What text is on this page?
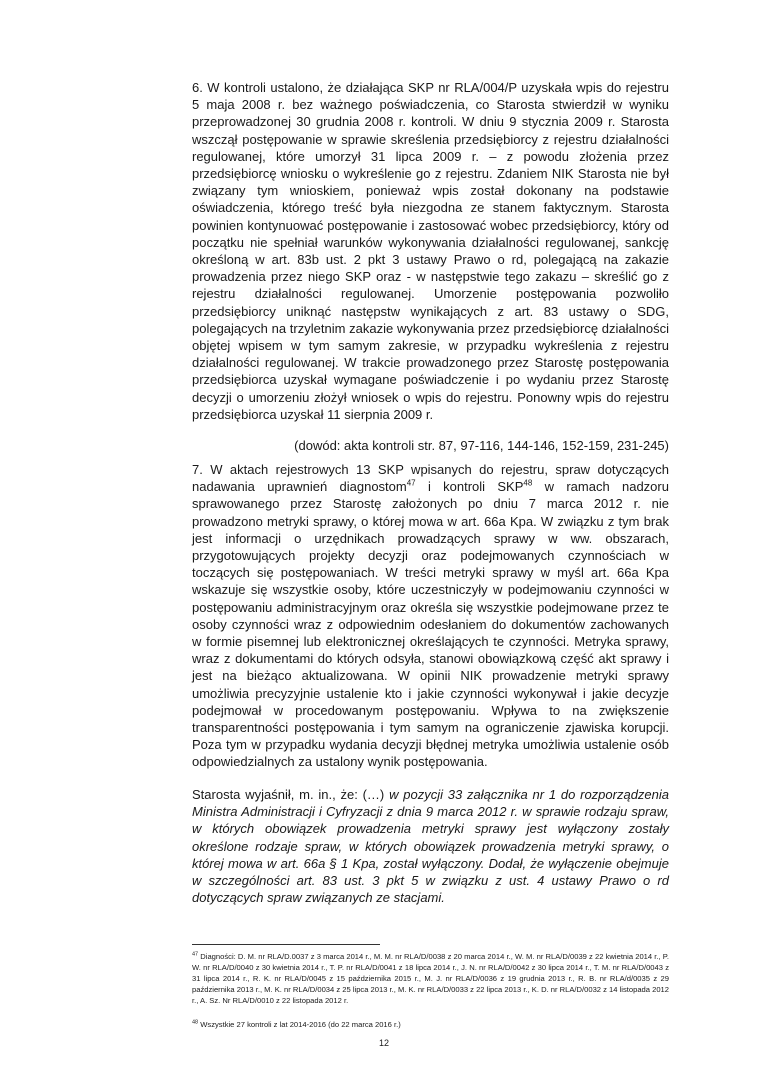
6. W kontroli ustalono, że działająca SKP nr RLA/004/P uzyskała wpis do rejestru 5 maja 2008 r. bez ważnego poświadczenia, co Starosta stwierdził w wyniku przeprowadzonej 30 grudnia 2008 r. kontroli. W dniu 9 stycznia 2009 r. Starosta wszczął postępowanie w sprawie skreślenia przedsiębiorcy z rejestru działalności regulowanej, które umorzył 31 lipca 2009 r. – z powodu złożenia przez przedsiębiorcę wniosku o wykreślenie go z rejestru. Zdaniem NIK Starosta nie był związany tym wnioskiem, ponieważ wpis został dokonany na podstawie oświadczenia, którego treść była niezgodna ze stanem faktycznym. Starosta powinien kontynuować postępowanie i zastosować wobec przedsiębiorcy, który od początku nie spełniał warunków wykonywania działalności regulowanej, sankcję określoną w art. 83b ust. 2 pkt 3 ustawy Prawo o rd, polegającą na zakazie prowadzenia przez niego SKP oraz - w następstwie tego zakazu – skreślić go z rejestru działalności regulowanej. Umorzenie postępowania pozwoliło przedsiębiorcy uniknąć następstw wynikających z art. 83 ustawy o SDG, polegających na trzyletnim zakazie wykonywania przez przedsiębiorcę działalności objętej wpisem w tym samym zakresie, w przypadku wykreślenia z rejestru działalności regulowanej. W trakcie prowadzonego przez Starostę postępowania przedsiębiorca uzyskał wymagane poświadczenie i po wydaniu przez Starostę decyzji o umorzeniu złożył wniosek o wpis do rejestru. Ponowny wpis do rejestru przedsiębiorca uzyskał 11 sierpnia 2009 r.

(dowód: akta kontroli str. 87, 97-116, 144-146, 152-159, 231-245)
7. W aktach rejestrowych 13 SKP wpisanych do rejestru, spraw dotyczących nadawania uprawnień diagnostom$^{47}$ i kontroli SKP$^{48}$ w ramach nadzoru sprawowanego przez Starostę założonych po dniu 7 marca 2012 r. nie prowadzono metryki sprawy, o której mowa w art. 66a Kpa. W związku z tym brak jest informacji o urzędnikach prowadzących sprawy w ww. obszarach, przygotowujących projekty decyzji oraz podejmowanych czynnościach w toczących się postępowaniach. W treści metryki sprawy w myśl art. 66a Kpa wskazuje się wszystkie osoby, które uczestniczyły w podejmowaniu czynności w postępowaniu administracyjnym oraz określa się wszystkie podejmowane przez te osoby czynności wraz z odpowiednim odesłaniem do dokumentów zachowanych w formie pisemnej lub elektronicznej określających te czynności. Metryka sprawy, wraz z dokumentami do których odsyła, stanowi obowiązkową część akt sprawy i jest na bieżąco aktualizowana. W opinii NIK prowadzenie metryki sprawy umożliwia precyzyjnie ustalenie kto i jakie czynności wykonywał i jakie decyzje podejmował w procedowanym postępowaniu. Wpływa to na zwiększenie transparentności postępowania i tym samym na ograniczenie zjawiska korupcji. Poza tym w przypadku wydania decyzji błędnej metryka umożliwia ustalenie osób odpowiedzialnych za ustalony wynik postępowania.
Starosta wyjaśnił, m. in., że: (…) w pozycji 33 załącznika nr 1 do rozporządzenia Ministra Administracji i Cyfryzacji z dnia 9 marca 2012 r. w sprawie rodzaju spraw, w których obowiązek prowadzenia metryki sprawy jest wyłączony zostały określone rodzaje spraw, w których obowiązek prowadzenia metryki sprawy, o której mowa w art. 66a § 1 Kpa, został wyłączony. Dodał, że wyłączenie obejmuje w szczególności art. 83 ust. 3 pkt 5 w związku z ust. 4 ustawy Prawo o rd dotyczących spraw związanych ze stacjami.
$^{47}$ Diagności: D. M. nr RLA/D.0037 z 3 marca 2014 r., M. M. nr RLA/D/0038 z 20 marca 2014 r., W. M. nr RLA/D/0039 z 22 kwietnia 2014 r., P. W. nr RLA/D/0040 z 30 kwietnia 2014 r., T. P. nr RLA/D/0041 z 18 lipca 2014 r., J. N. nr RLA/D/0042 z 30 lipca 2014 r., T. M. nr RLA/D/0043 z 31 lipca 2014 r., R. K. nr RLA/D/0045 z 15 października 2015 r., M. J. nr RLA/D/0036 z 19 grudnia 2013 r., R. B. nr RLA/d/0035 z 29 października 2013 r., M. K. nr RLA/D/0034 z 25 lipca 2013 r., M. K. nr RLA/D/0033 z 22 lipca 2013 r., K. D. nr RLA/D/0032 z 14 listopada 2012 r., A. Sz. Nr RLA/D/0010 z 22 listopada 2012 r.
$^{48}$ Wszystkie 27 kontroli z lat 2014-2016 (do 22 marca 2016 r.)
12
